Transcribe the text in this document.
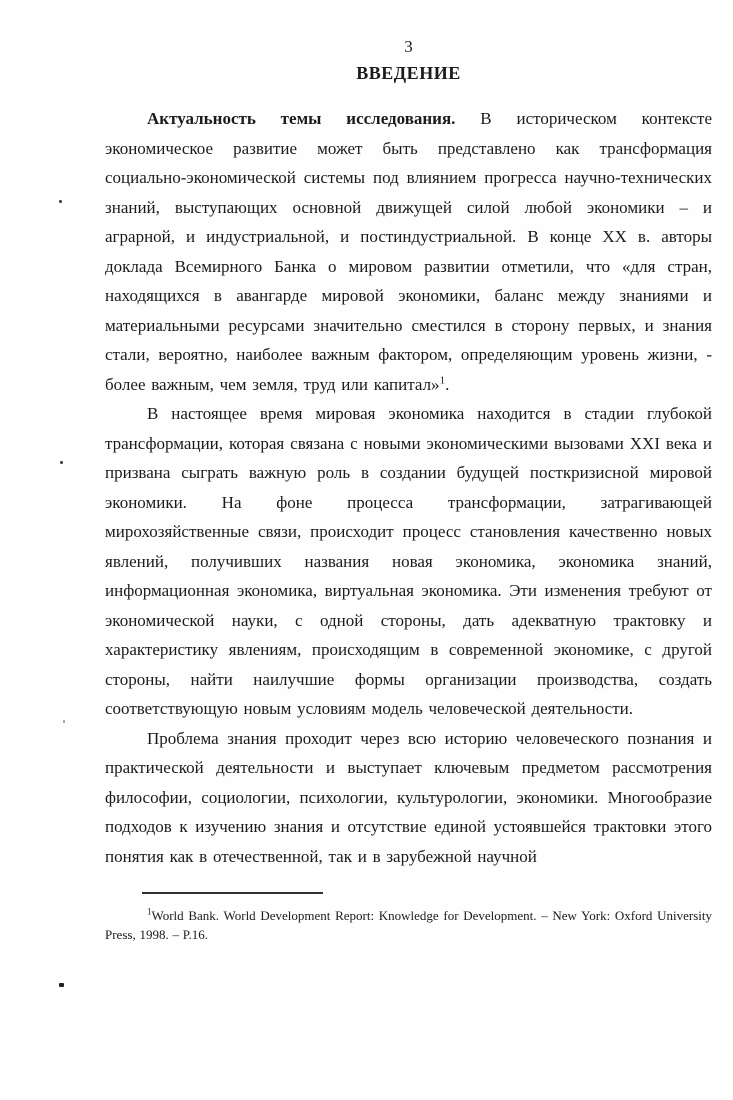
3
ВВЕДЕНИЕ

Актуальность темы исследования. В историческом контексте экономическое развитие может быть представлено как трансформация социально-экономической системы под влиянием прогресса научно-технических знаний, выступающих основной движущей силой любой экономики – и аграрной, и индустриальной, и постиндустриальной. В конце XX в. авторы доклада Всемирного Банка о мировом развитии отметили, что «для стран, находящихся в авангарде мировой экономики, баланс между знаниями и материальными ресурсами значительно сместился в сторону первых, и знания стали, вероятно, наиболее важным фактором, определяющим уровень жизни, - более важным, чем земля, труд или капитал»$^1$.

В настоящее время мировая экономика находится в стадии глубокой трансформации, которая связана с новыми экономическими вызовами XXI века и призвана сыграть важную роль в создании будущей посткризисной мировой экономики. На фоне процесса трансформации, затрагивающей мирохозяйственные связи, происходит процесс становления качественно новых явлений, получивших названия новая экономика, экономика знаний, информационная экономика, виртуальная экономика. Эти изменения требуют от экономической науки, с одной стороны, дать адекватную трактовку и характеристику явлениям, происходящим в современной экономике, с другой стороны, найти наилучшие формы организации производства, создать соответствующую новым условиям модель человеческой деятельности.

Проблема знания проходит через всю историю человеческого познания и практической деятельности и выступает ключевым предметом рассмотрения философии, социологии, психологии, культурологии, экономики. Многообразие подходов к изучению знания и отсутствие единой устоявшейся трактовки этого понятия как в отечественной, так и в зарубежной научной

$^1$World Bank. World Development Report: Knowledge for Development. – New York: Oxford University Press, 1998. – P.16.
